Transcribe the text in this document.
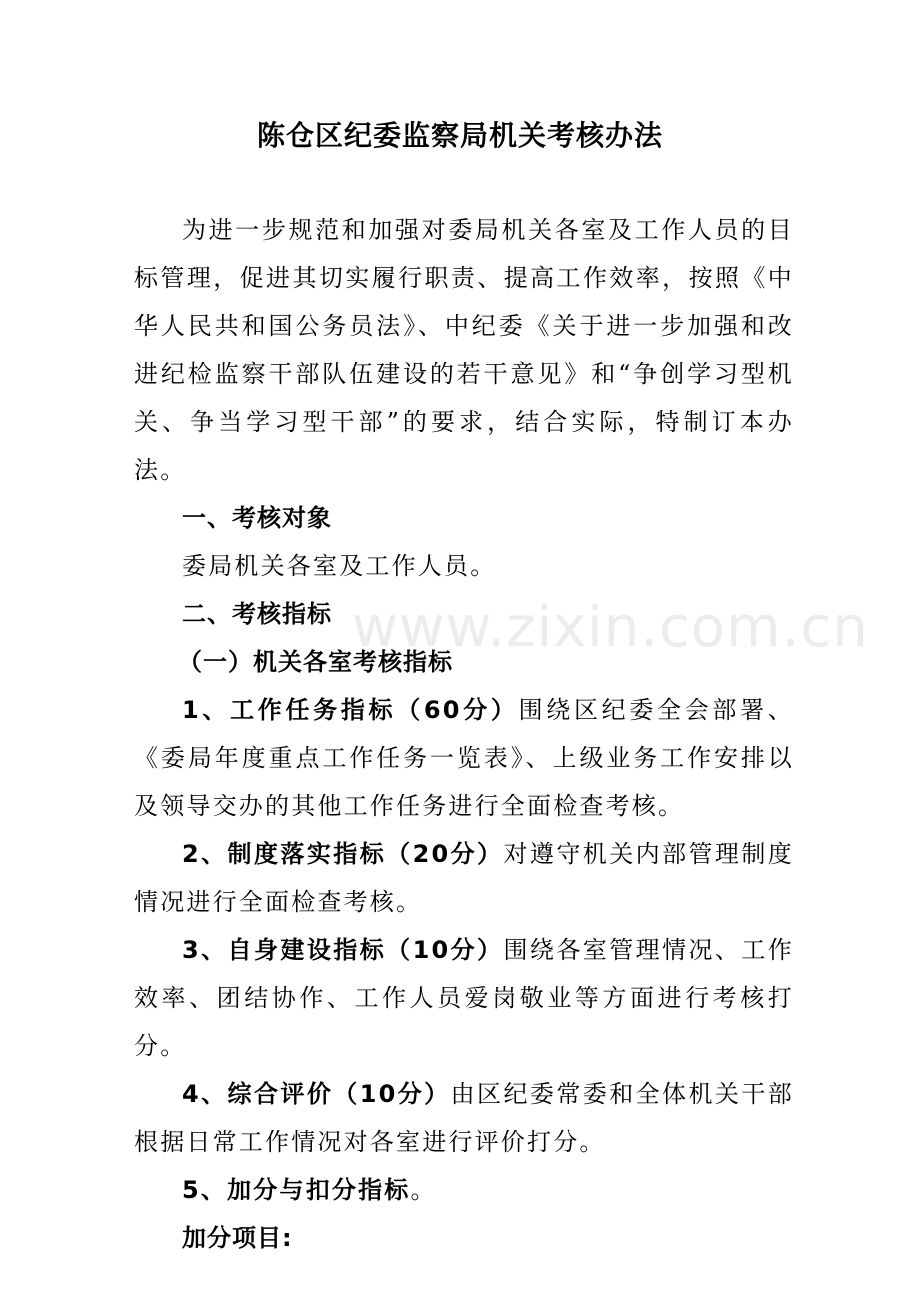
陈仓区纪委监察局机关考核办法
www.zixin.com.cn

为进一步规范和加强对委局机关各室及工作人员的目标管理，促进其切实履行职责、提高工作效率，按照《中华人民共和国公务员法》、中纪委《关于进一步加强和改进纪检监察干部队伍建设的若干意见》和“争创学习型机关、争当学习型干部”的要求，结合实际，特制订本办法。

一、考核对象

委局机关各室及工作人员。

二、考核指标

（一）机关各室考核指标

1、工作任务指标（60分）围绕区纪委全会部署、《委局年度重点工作任务一览表》、上级业务工作安排以及领导交办的其他工作任务进行全面检查考核。

2、制度落实指标（20分）对遵守机关内部管理制度情况进行全面检查考核。

3、自身建设指标（10分）围绕各室管理情况、工作效率、团结协作、工作人员爱岗敬业等方面进行考核打分。

4、综合评价（10分）由区纪委常委和全体机关干部根据日常工作情况对各室进行评价打分。

5、加分与扣分指标。

加分项目:
